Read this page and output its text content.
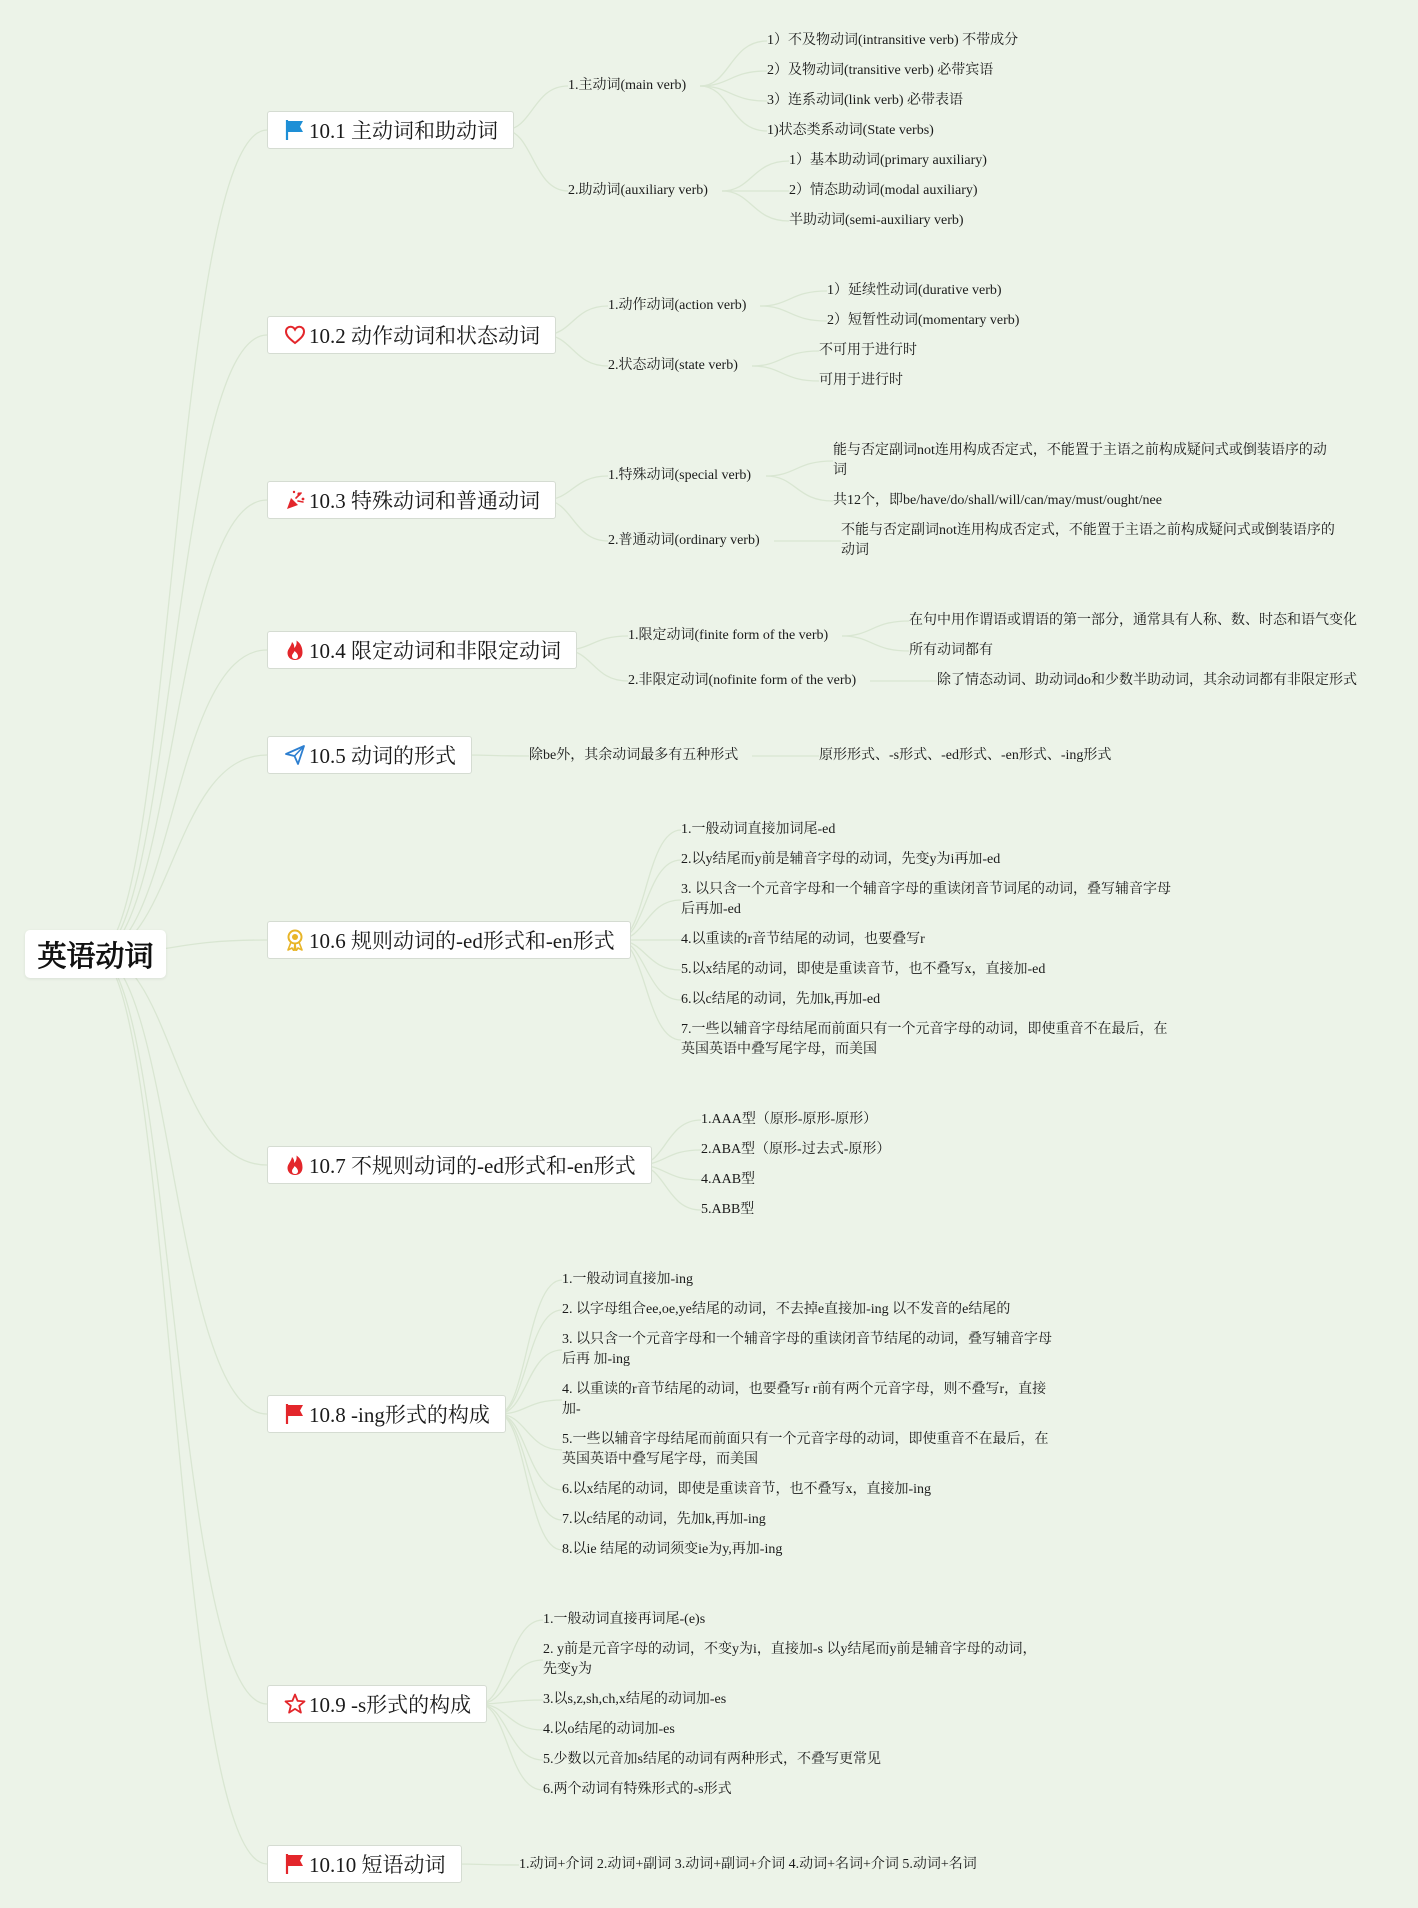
英语动词
10.1 主动词和助动词
1.主动词(main verb)
2.助动词(auxiliary verb)
1）不及物动词(intransitive verb) 不带成分
2）及物动词(transitive verb) 必带宾语
3）连系动词(link verb) 必带表语
1)状态类系动词(State verbs)
1）基本助动词(primary auxiliary)
2）情态助动词(modal auxiliary)
半助动词(semi-auxiliary verb)
10.2 动作动词和状态动词
1.动作动词(action verb)
2.状态动词(state verb)
1）延续性动词(durative verb)
2）短暂性动词(momentary verb)
不可用于进行时
可用于进行时
10.3 特殊动词和普通动词
1.特殊动词(special verb)
2.普通动词(ordinary verb)
能与否定副词not连用构成否定式，不能置于主语之前构成疑问式或倒装语序的动词
共12个，即be/have/do/shall/will/can/may/must/ought/nee
不能与否定副词not连用构成否定式，不能置于主语之前构成疑问式或倒装语序的动词
10.4 限定动词和非限定动词
1.限定动词(finite form of the verb)
2.非限定动词(nofinite form of the verb)
在句中用作谓语或谓语的第一部分，通常具有人称、数、时态和语气变化
所有动词都有
除了情态动词、助动词do和少数半助动词，其余动词都有非限定形式
10.5 动词的形式	除be外，其余动词最多有五种形式	原形形式、-s形式、-ed形式、-en形式、-ing形式
10.6 规则动词的-ed形式和-en形式
1.一般动词直接加词尾-ed
2.以y结尾而y前是辅音字母的动词，先变y为i再加-ed
3. 以只含一个元音字母和一个辅音字母的重读闭音节词尾的动词，叠写辅音字母后再加-ed
4.以重读的r音节结尾的动词，也要叠写r
5.以x结尾的动词，即使是重读音节，也不叠写x，直接加-ed
6.以c结尾的动词，先加k,再加-ed
7.一些以辅音字母结尾而前面只有一个元音字母的动词，即使重音不在最后，在英国英语中叠写尾字母，而美国
10.7 不规则动词的-ed形式和-en形式
1.AAA型（原形-原形-原形）
2.ABA型（原形-过去式-原形）
4.AAB型
5.ABB型
10.8 -ing形式的构成
1.一般动词直接加-ing
2. 以字母组合ee,oe,ye结尾的动词，不去掉e直接加-ing 以不发音的e结尾的
3. 以只含一个元音字母和一个辅音字母的重读闭音节结尾的动词，叠写辅音字母后再 加-ing
4. 以重读的r音节结尾的动词，也要叠写r r前有两个元音字母，则不叠写r，直接加-
5.一些以辅音字母结尾而前面只有一个元音字母的动词，即使重音不在最后，在英国英语中叠写尾字母，而美国
6.以x结尾的动词，即使是重读音节，也不叠写x，直接加-ing
7.以c结尾的动词，先加k,再加-ing
8.以ie 结尾的动词须变ie为y,再加-ing
10.9 -s形式的构成
1.一般动词直接再词尾-(e)s
2. y前是元音字母的动词，不变y为i，直接加-s 以y结尾而y前是辅音字母的动词，先变y为
3.以s,z,sh,ch,x结尾的动词加-es
4.以o结尾的动词加-es
5.少数以元音加s结尾的动词有两种形式，不叠写更常见
6.两个动词有特殊形式的-s形式
10.10 短语动词	1.动词+介词 2.动词+副词 3.动词+副词+介词 4.动词+名词+介词 5.动词+名词
